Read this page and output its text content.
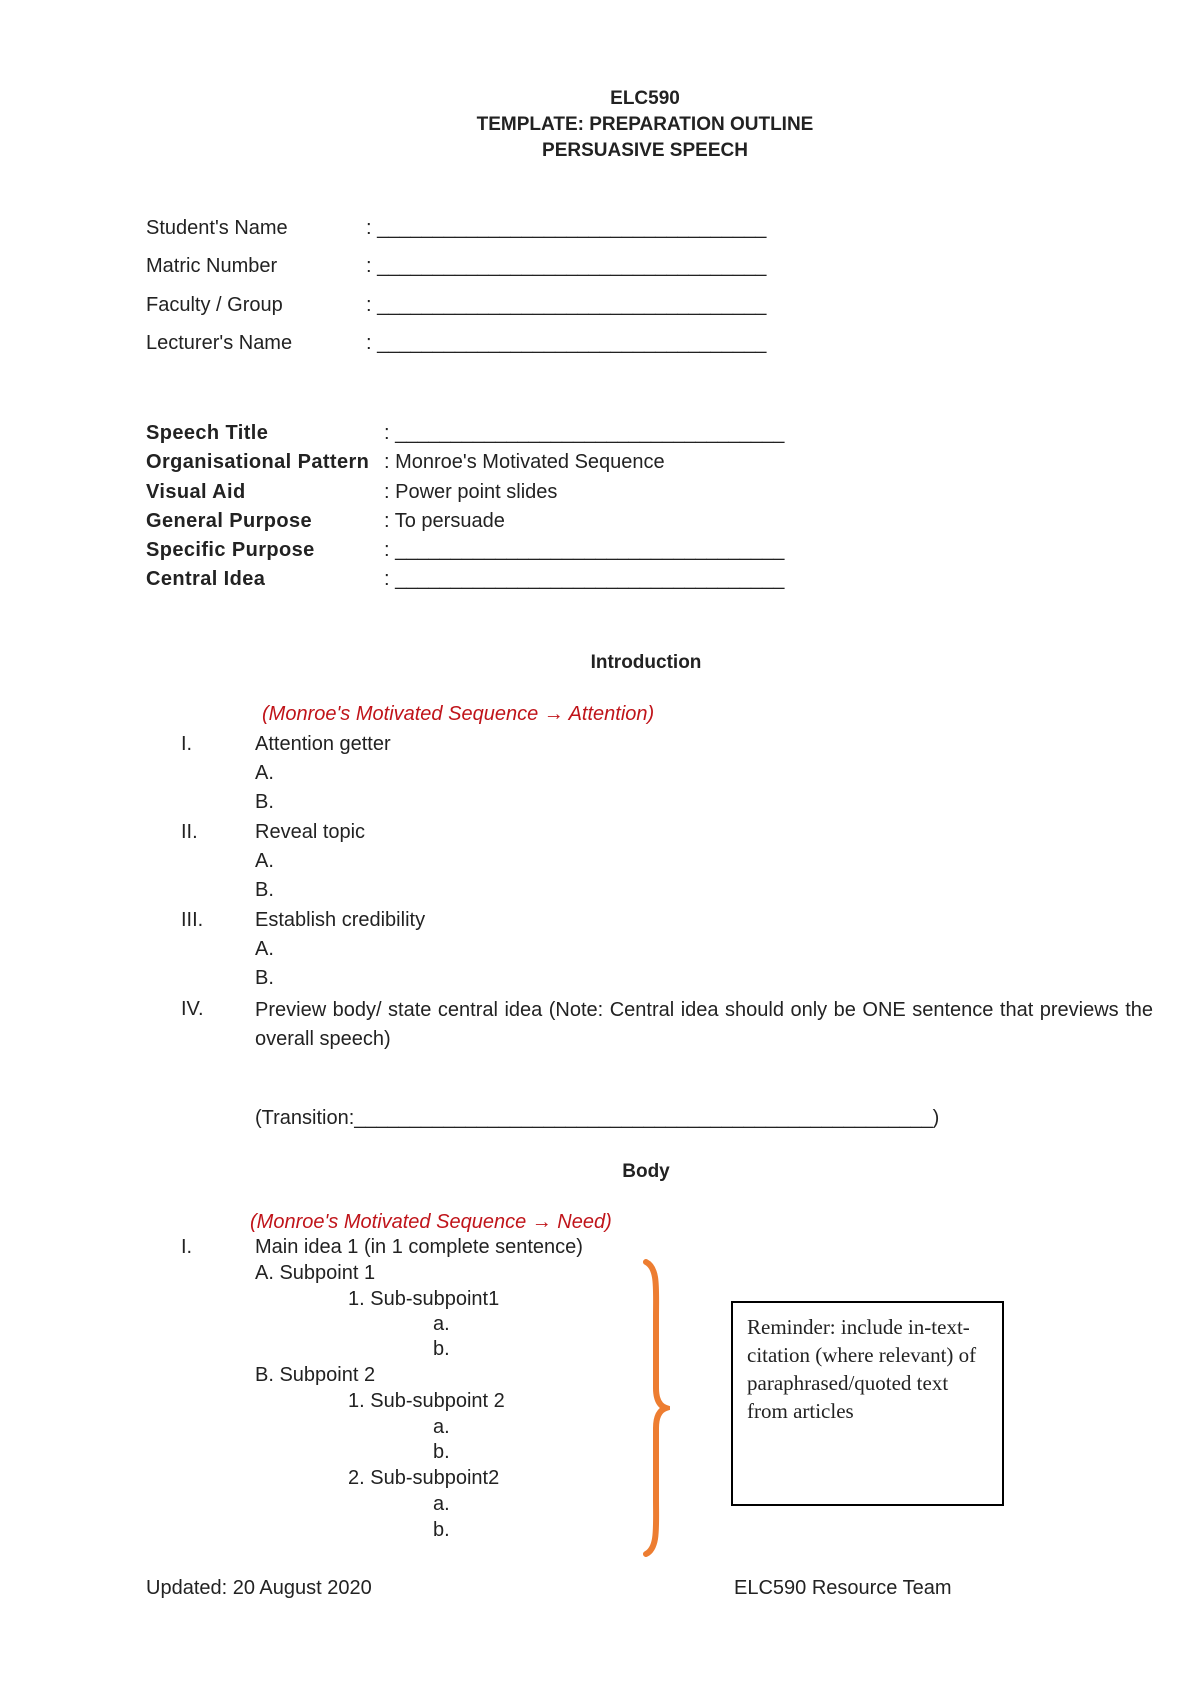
ELC590
TEMPLATE: PREPARATION OUTLINE
PERSUASIVE SPEECH
Student's Name	: ___________________________________
Matric Number	: ___________________________________
Faculty / Group	: ___________________________________
Lecturer's Name	: ___________________________________
Speech Title	: ___________________________________
Organisational Pattern : Monroe's Motivated Sequence
Visual Aid	: Power point slides
General Purpose	: To persuade
Specific Purpose	: ___________________________________
Central Idea	: ___________________________________
Introduction
(Monroe's Motivated Sequence → Attention)
I.	Attention getter
A.
B.
II.	Reveal topic
A.
B.
III.	Establish credibility
A.
B.
IV.	Preview body/ state central idea (Note: Central idea should only be ONE sentence that previews the overall speech)
(Transition:____________________________________________________)
Body
(Monroe's Motivated Sequence → Need)
I.	Main idea 1 (in 1 complete sentence)
A. Subpoint 1
1. Sub-subpoint1
a.
b.
B. Subpoint 2
1. Sub-subpoint 2
a.
b.
2. Sub-subpoint2
a.
b.
Reminder: include in-text-citation (where relevant) of paraphrased/quoted text from articles
Updated: 20 August 2020	ELC590 Resource Team
